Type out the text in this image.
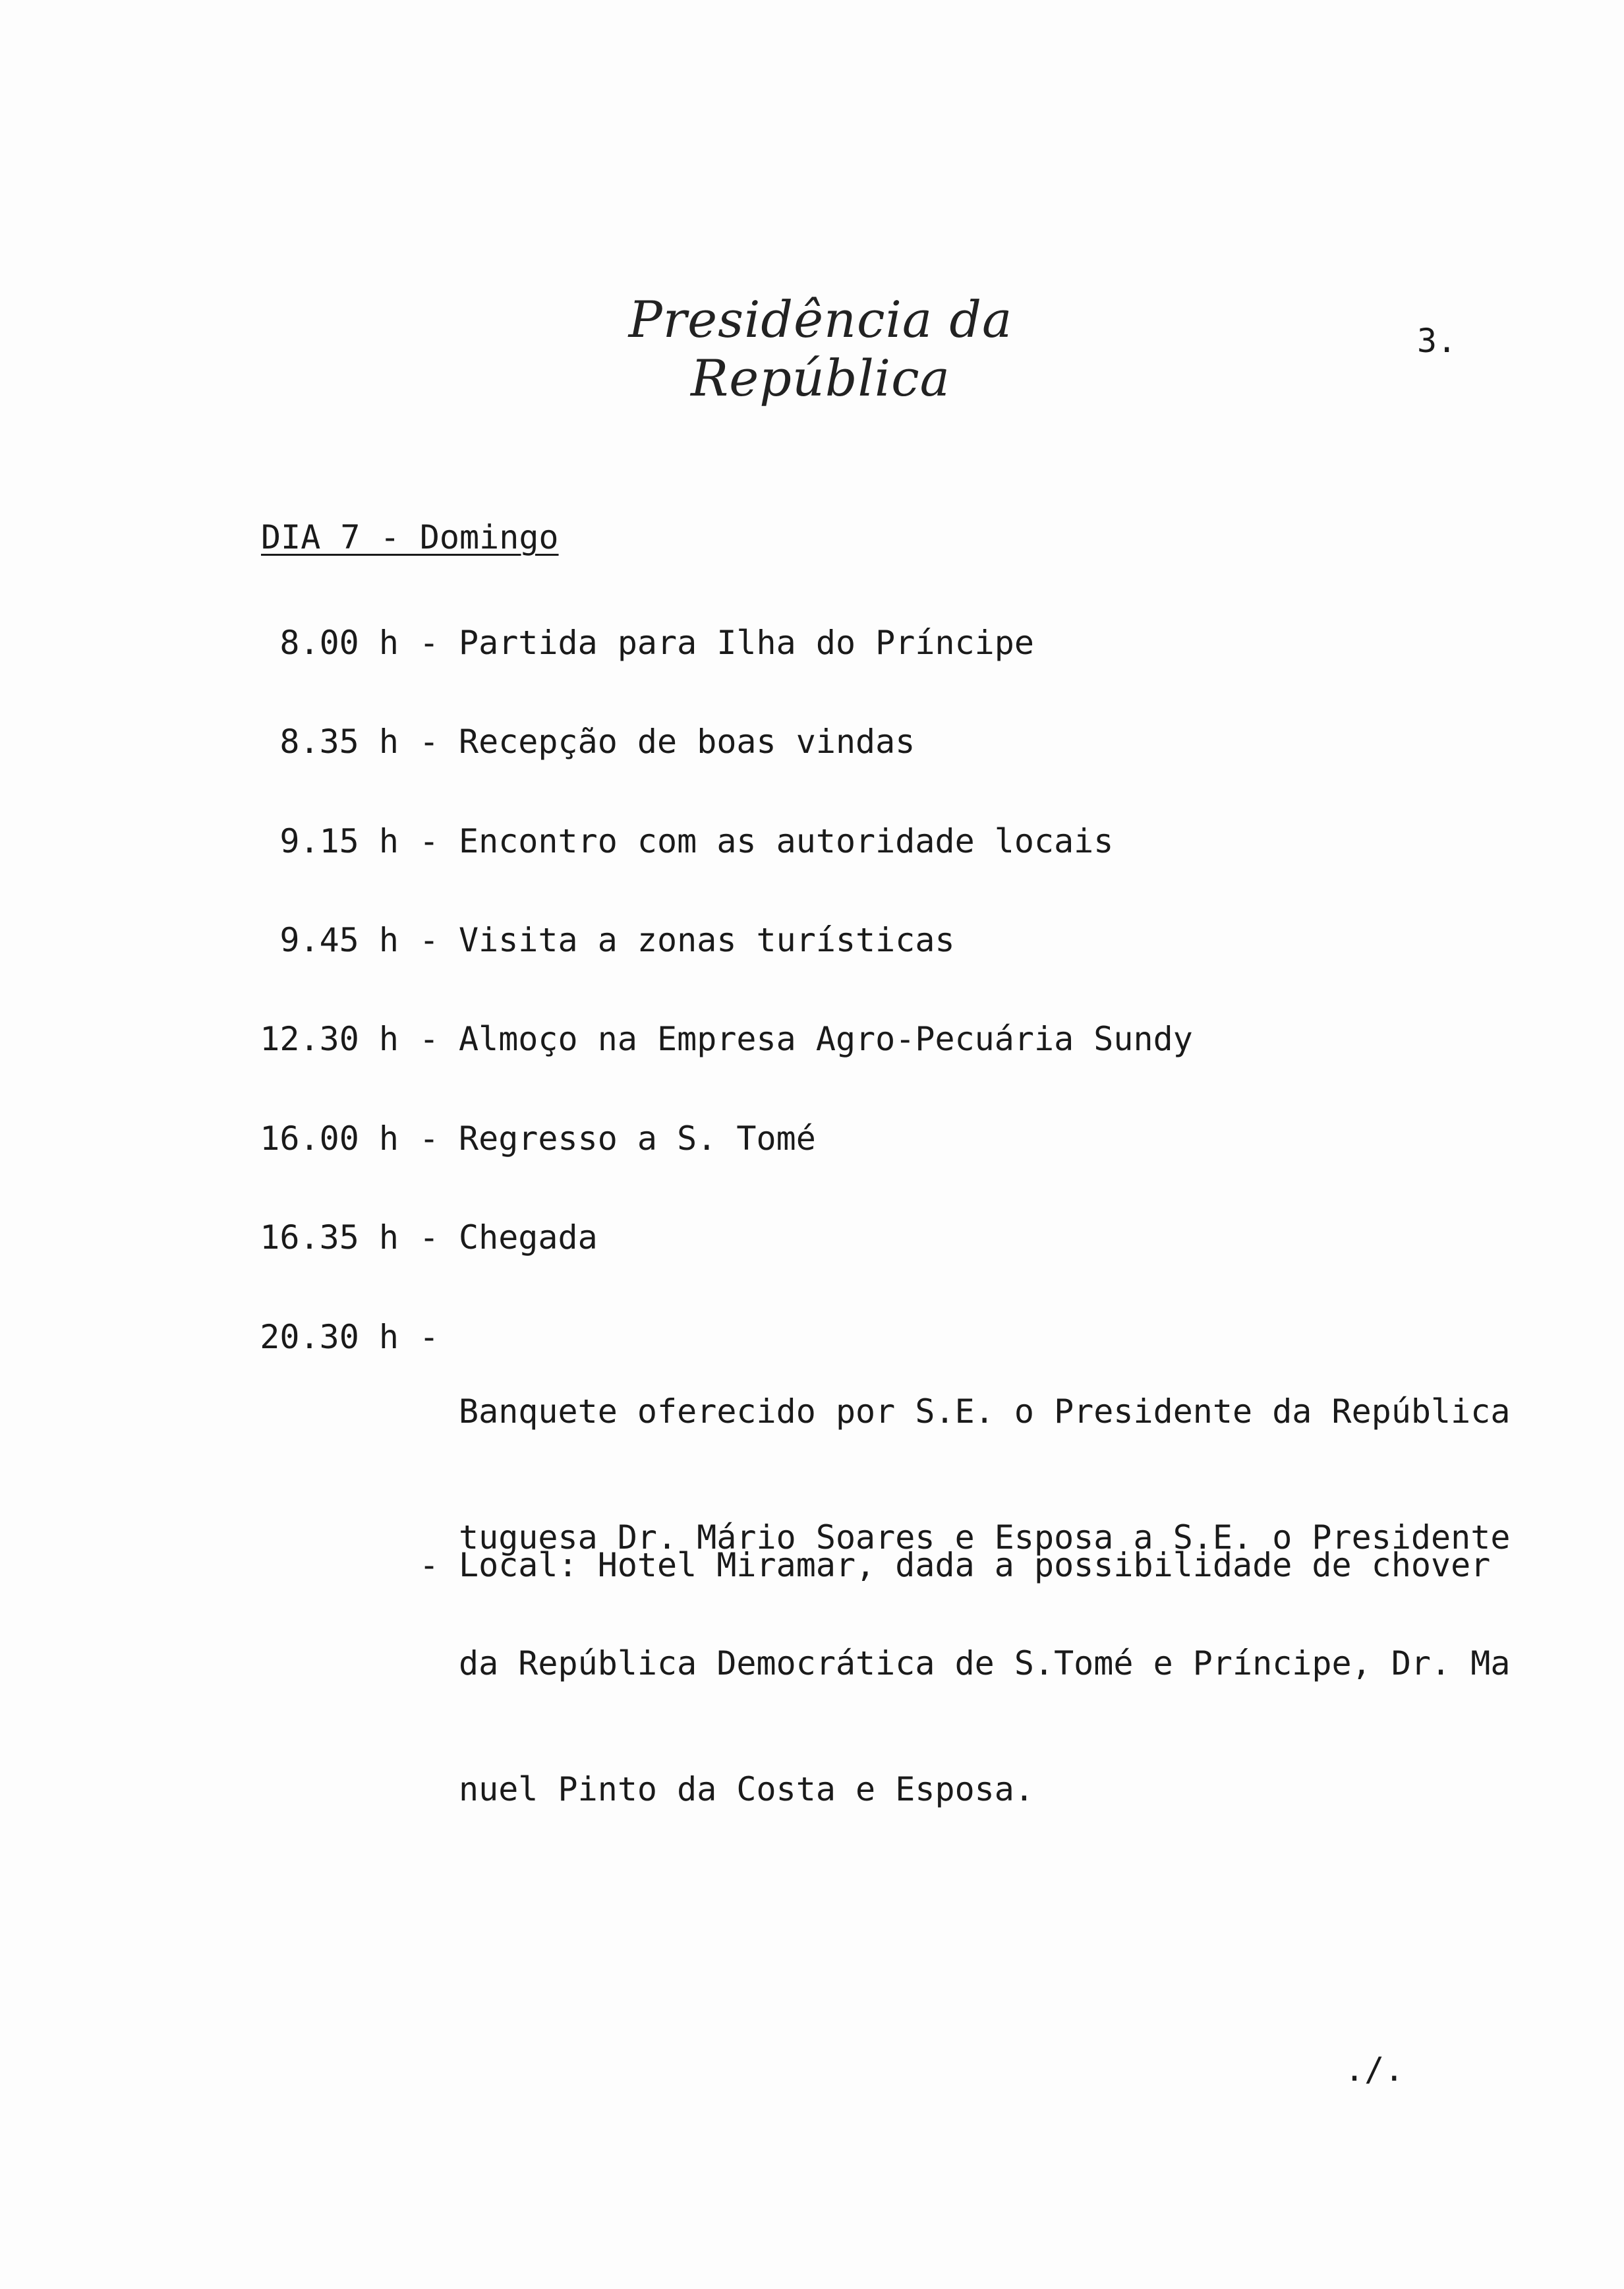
Presidência da República
3.
DIA 7 - Domingo
8.00 h - Partida para Ilha do Príncipe
8.35 h - Recepção de boas vindas
9.15 h - Encontro com as autoridade locais
9.45 h - Visita a zonas turísticas
12.30 h - Almoço na Empresa Agro-Pecuária Sundy
16.00 h - Regresso a S. Tomé
16.35 h - Chegada
20.30 h -

Banquete oferecido por S.E. o Presidente da República

tuguesa Dr. Mário Soares e Esposa a S.E. o Presidente

da República Democrática de S.Tomé e Príncipe, Dr. Ma

nuel Pinto da Costa e Esposa.

- Local: Hotel Miramar, dada a possibilidade de chover
./.
